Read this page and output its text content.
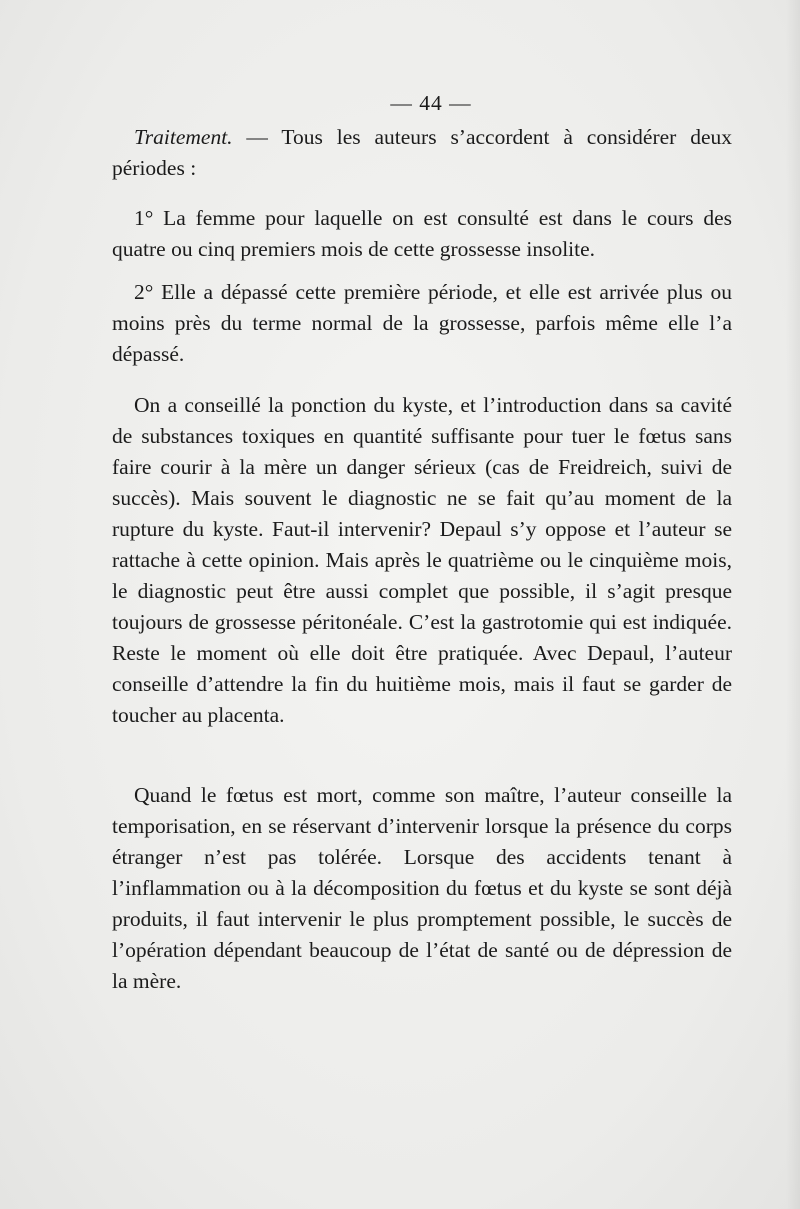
— 44 —

Traitement. — Tous les auteurs s’accordent à considérer deux périodes :

1° La femme pour laquelle on est consulté est dans le cours des quatre ou cinq premiers mois de cette grossesse insolite.

2° Elle a dépassé cette première période, et elle est arrivée plus ou moins près du terme normal de la grossesse, parfois même elle l’a dépassé.

On a conseillé la ponction du kyste, et l’introduction dans sa cavité de substances toxiques en quantité suffisante pour tuer le fœtus sans faire courir à la mère un danger sérieux (cas de Freidreich, suivi de succès). Mais souvent le diagnostic ne se fait qu’au moment de la rupture du kyste. Faut-il intervenir? Depaul s’y oppose et l’auteur se rattache à cette opinion. Mais après le quatrième ou le cinquième mois, le diagnostic peut être aussi complet que possible, il s’agit presque toujours de grossesse péritonéale. C’est la gastrotomie qui est indiquée. Reste le moment où elle doit être pratiquée. Avec Depaul, l’auteur conseille d’attendre la fin du huitième mois, mais il faut se garder de toucher au placenta.

Quand le fœtus est mort, comme son maître, l’auteur conseille la temporisation, en se réservant d’intervenir lorsque la présence du corps étranger n’est pas tolérée. Lorsque des accidents tenant à l’inflammation ou à la décomposition du fœtus et du kyste se sont déjà produits, il faut intervenir le plus promptement possible, le succès de l’opération dépendant beaucoup de l’état de santé ou de dépression de la mère.
